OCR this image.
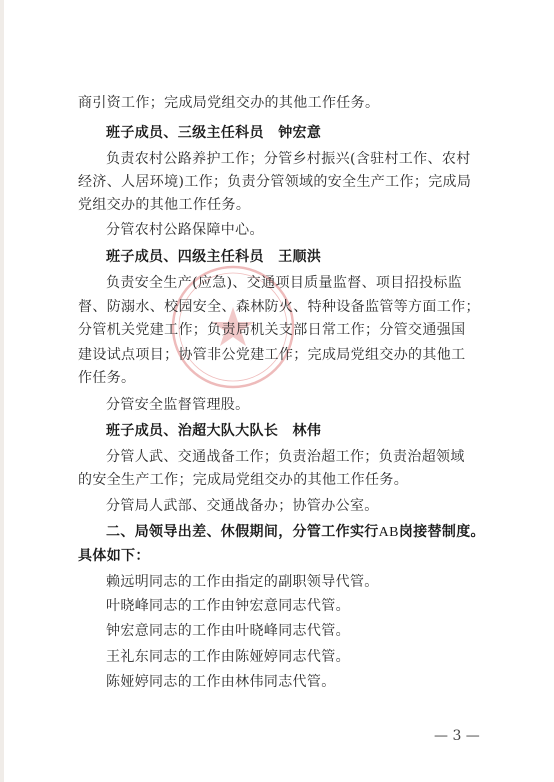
商引资工作；完成局党组交办的其他工作任务。
班子成员、三级主任科员　钟宏意
负责农村公路养护工作；分管乡村振兴(含驻村工作、农村
经济、人居环境)工作；负责分管领域的安全生产工作；完成局
党组交办的其他工作任务。
分管农村公路保障中心。
班子成员、四级主任科员　王顺洪
负责安全生产(应急)、交通项目质量监督、项目招投标监
督、防溺水、校园安全、森林防火、特种设备监管等方面工作；
分管机关党建工作；负责局机关支部日常工作；分管交通强国
建设试点项目；协管非公党建工作；完成局党组交办的其他工
作任务。
分管安全监督管理股。
班子成员、治超大队大队长　林伟
分管人武、交通战备工作；负责治超工作；负责治超领域
的安全生产工作；完成局党组交办的其他工作任务。
分管局人武部、交通战备办；协管办公室。
二、局领导出差、休假期间，分管工作实行AB岗接替制度。
具体如下：
赖远明同志的工作由指定的副职领导代管。
叶晓峰同志的工作由钟宏意同志代管。
钟宏意同志的工作由叶晓峰同志代管。
王礼东同志的工作由陈娅婷同志代管。
陈娅婷同志的工作由林伟同志代管。
— 3 —
